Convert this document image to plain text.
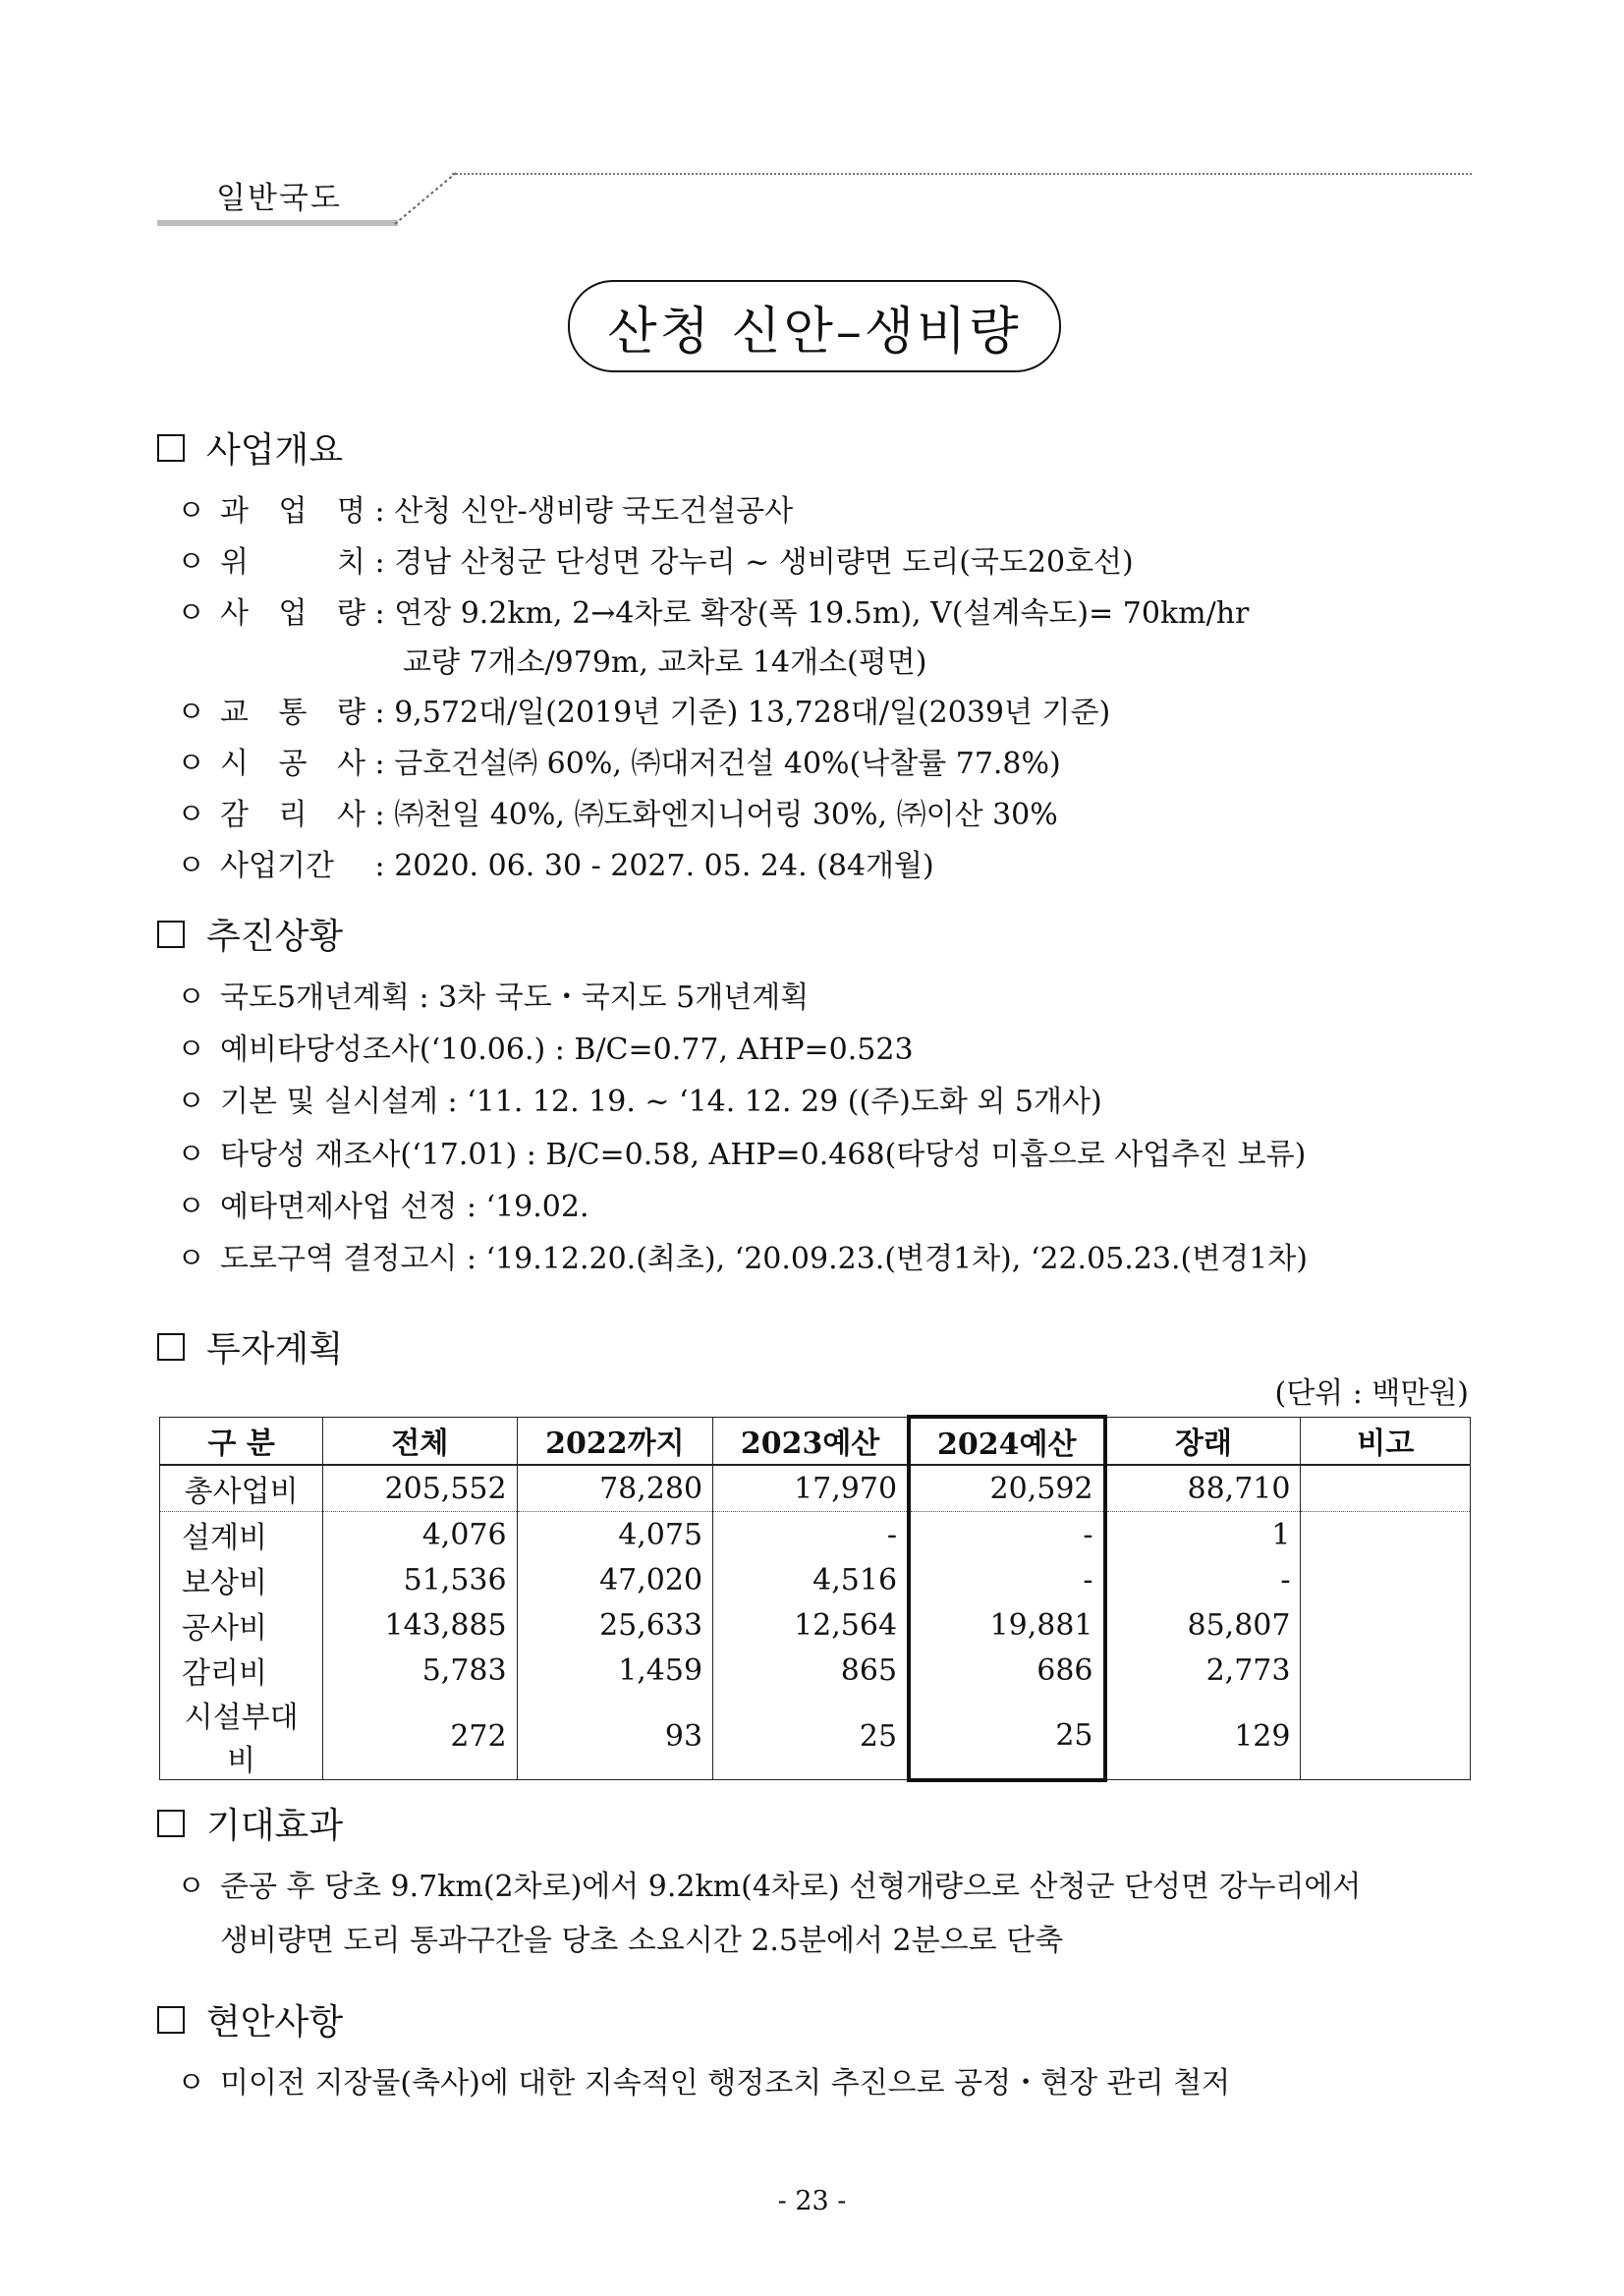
일반국도
산청 신안–생비량
사업개요
ㅇ 과 업 명 : 산청 신안-생비량 국도건설공사
ㅇ 위 치 : 경남 산청군 단성면 강누리 ~ 생비량면 도리(국도20호선)
ㅇ 사 업 량 : 연장 9.2km, 2→4차로 확장(폭 19.5m), V(설계속도)= 70km/hr
교량 7개소/979m, 교차로 14개소(평면)
ㅇ 교 통 량 : 9,572대/일(2019년 기준) 13,728대/일(2039년 기준)
ㅇ 시 공 사 : 금호건설㈜ 60%, ㈜대저건설 40%(낙찰률 77.8%)
ㅇ 감 리 사 : ㈜천일 40%, ㈜도화엔지니어링 30%, ㈜이산 30%
ㅇ 사업기간 : 2020. 06. 30 - 2027. 05. 24. (84개월)
추진상황
ㅇ 국도5개년계획 : 3차 국도・국지도 5개년계획
ㅇ 예비타당성조사(‘10.06.) : B/C=0.77, AHP=0.523
ㅇ 기본 및 실시설계 : ‘11. 12. 19. ~ ‘14. 12. 29 ((주)도화 외 5개사)
ㅇ 타당성 재조사(‘17.01) : B/C=0.58, AHP=0.468(타당성 미흡으로 사업추진 보류)
ㅇ 예타면제사업 선정 : ‘19.02.
ㅇ 도로구역 결정고시 : ‘19.12.20.(최초), ‘20.09.23.(변경1차), ‘22.05.23.(변경1차)
투자계획
(단위 : 백만원)
구 분	전체	2022까지	2023예산	2024예산	장래	비고
총사업비	205,552	78,280	17,970	20,592	88,710	
설계비	4,076	4,075	-	-	1	
보상비	51,536	47,020	4,516	-	-	
공사비	143,885	25,633	12,564	19,881	85,807	
감리비	5,783	1,459	865	686	2,773	
시설부대비	272	93	25	25	129	
기대효과
ㅇ 준공 후 당초 9.7km(2차로)에서 9.2km(4차로) 선형개량으로 산청군 단성면 강누리에서
생비량면 도리 통과구간을 당초 소요시간 2.5분에서 2분으로 단축
현안사항
ㅇ 미이전 지장물(축사)에 대한 지속적인 행정조치 추진으로 공정・현장 관리 철저
- 23 -
